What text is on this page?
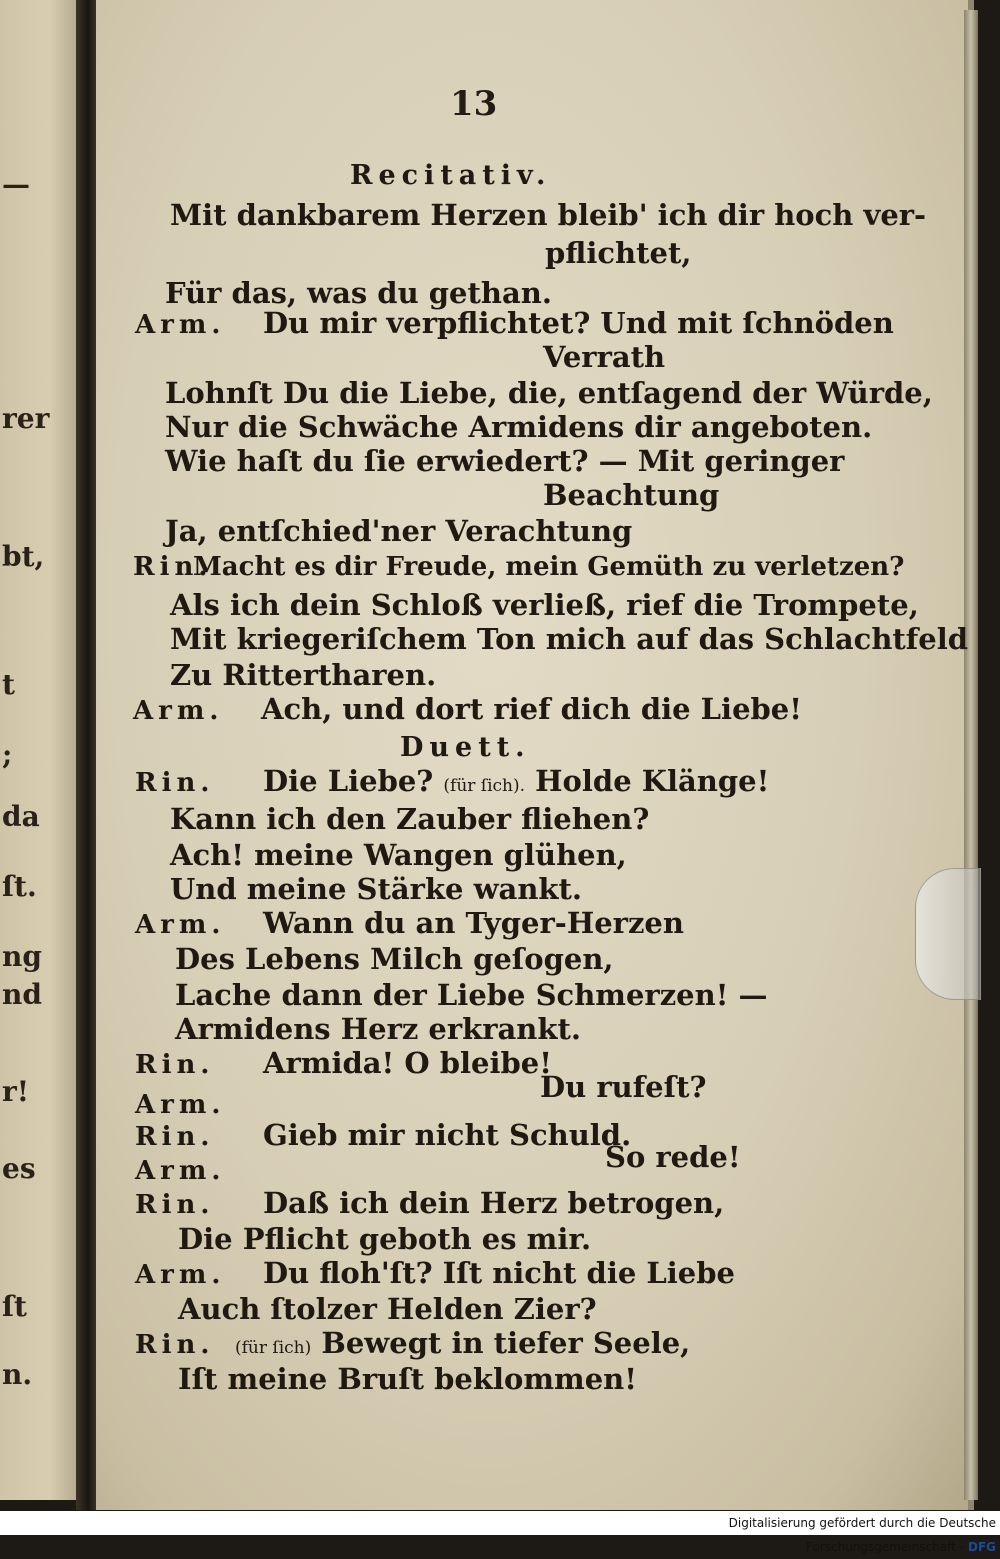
—
rer
bt,
t
;
da
ſt.
ng
nd
r!
es
ſt
n.
13
Recitativ.
Mit dankbarem Herzen bleib' ich dir hoch ver-
pflichtet,
Für das, was du gethan.
Arm. Du mir verpflichtet? Und mit ſchnöden
Verrath
Lohnſt Du die Liebe, die, entſagend der Würde,
Nur die Schwäche Armidens dir angeboten.
Wie haſt du ſie erwiedert? — Mit geringer
Beachtung
Ja, entſchied'ner Verachtung
Rin.Macht es dir Freude, mein Gemüth zu verletzen?
Als ich dein Schloß verließ, rief die Trompete,
Mit kriegeriſchem Ton mich auf das Schlachtfeld
Zu Rittertharen.
Arm. Ach, und dort rief dich die Liebe!
Duett.
Rin. Die Liebe? (für ſich). Holde Klänge!
Kann ich den Zauber fliehen?
Ach! meine Wangen glühen,
Und meine Stärke wankt.
Arm. Wann du an Tyger-Herzen
Des Lebens Milch geſogen,
Lache dann der Liebe Schmerzen! —
Armidens Herz erkrankt.
Rin. Armida! O bleibe!
Du rufeſt?
Arm.
Rin. Gieb mir nicht Schuld.
So rede!
Arm.
Rin. Daß ich dein Herz betrogen,
Die Pflicht geboth es mir.
Arm. Du floh'ſt? Iſt nicht die Liebe
Auch ſtolzer Helden Zier?
Rin. (für ſich) Bewegt in tiefer Seele,
Iſt meine Bruſt beklommen!
Digitalisierung gefördert durch die Deutsche Forschungsgemeinschaft - DFG
